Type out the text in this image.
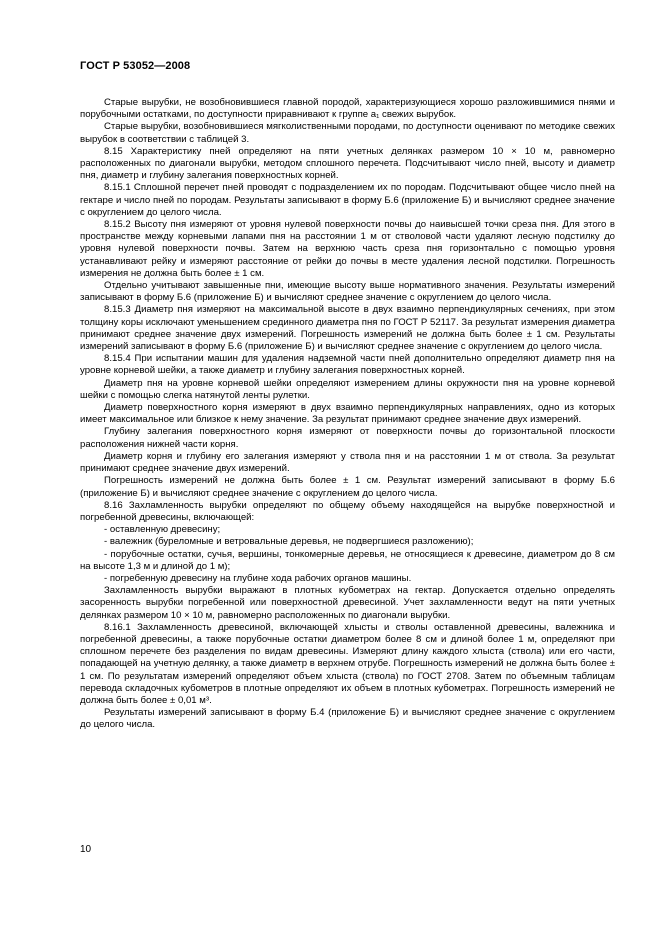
ГОСТ Р 53052—2008

Старые вырубки, не возобновившиеся главной породой, характеризующиеся хорошо разложившимися пнями и порубочными остатками, по доступности приравнивают к группе а₁ свежих вырубок.

Старые вырубки, возобновившиеся мягколиственными породами, по доступности оценивают по методике свежих вырубок в соответствии с таблицей 3.

8.15 Характеристику пней определяют на пяти учетных делянках размером 10 × 10 м, равномерно расположенных по диагонали вырубки, методом сплошного перечета. Подсчитывают число пней, высоту и диаметр пня, диаметр и глубину залегания поверхностных корней.

8.15.1 Сплошной перечет пней проводят с подразделением их по породам. Подсчитывают общее число пней на гектаре и число пней по породам. Результаты записывают в форму Б.6 (приложение Б) и вычисляют среднее значение с округлением до целого числа.

8.15.2 Высоту пня измеряют от уровня нулевой поверхности почвы до наивысшей точки среза пня. Для этого в пространстве между корневыми лапами пня на расстоянии 1 м от стволовой части удаляют лесную подстилку до уровня нулевой поверхности почвы. Затем на верхнюю часть среза пня горизонтально с помощью уровня устанавливают рейку и измеряют расстояние от рейки до почвы в месте удаления лесной подстилки. Погрешность измерения не должна быть более ± 1 см.

Отдельно учитывают завышенные пни, имеющие высоту выше нормативного значения. Результаты измерений записывают в форму Б.6 (приложение Б) и вычисляют среднее значение с округлением до целого числа.

8.15.3 Диаметр пня измеряют на максимальной высоте в двух взаимно перпендикулярных сечениях, при этом толщину коры исключают уменьшением срединного диаметра пня по ГОСТ Р 52117. За результат измерения диаметра принимают среднее значение двух измерений. Погрешность измерений не должна быть более ± 1 см. Результаты измерений записывают в форму Б.6 (приложение Б) и вычисляют среднее значение с округлением до целого числа.

8.15.4 При испытании машин для удаления надземной части пней дополнительно определяют диаметр пня на уровне корневой шейки, а также диаметр и глубину залегания поверхностных корней.

Диаметр пня на уровне корневой шейки определяют измерением длины окружности пня на уровне корневой шейки с помощью слегка натянутой ленты рулетки.

Диаметр поверхностного корня измеряют в двух взаимно перпендикулярных направлениях, одно из которых имеет максимальное или близкое к нему значение. За результат принимают среднее значение двух измерений.

Глубину залегания поверхностного корня измеряют от поверхности почвы до горизонтальной плоскости расположения нижней части корня.

Диаметр корня и глубину его залегания измеряют у ствола пня и на расстоянии 1 м от ствола. За результат принимают среднее значение двух измерений.

Погрешность измерений не должна быть более ± 1 см. Результат измерений записывают в форму Б.6 (приложение Б) и вычисляют среднее значение с округлением до целого числа.

8.16 Захламленность вырубки определяют по общему объему находящейся на вырубке поверхностной и погребенной древесины, включающей:

- оставленную древесину;

- валежник (буреломные и ветровальные деревья, не подвергшиеся разложению);

- порубочные остатки, сучья, вершины, тонкомерные деревья, не относящиеся к древесине, диаметром до 8 см на высоте 1,3 м и длиной до 1 м);

- погребенную древесину на глубине хода рабочих органов машины.

Захламленность вырубки выражают в плотных кубометрах на гектар. Допускается отдельно определять засоренность вырубки погребенной или поверхностной древесиной. Учет захламленности ведут на пяти учетных делянках размером 10 × 10 м, равномерно расположенных по диагонали вырубки.

8.16.1 Захламленность древесиной, включающей хлысты и стволы оставленной древесины, валежника и погребенной древесины, а также порубочные остатки диаметром более 8 см и длиной более 1 м, определяют при сплошном перечете без разделения по видам древесины. Измеряют длину каждого хлыста (ствола) или его части, попадающей на учетную делянку, а также диаметр в верхнем отрубе. Погрешность измерений не должна быть более ± 1 см. По результатам измерений определяют объем хлыста (ствола) по ГОСТ 2708. Затем по объемным таблицам перевода складочных кубометров в плотные определяют их объем в плотных кубометрах. Погрешность измерений не должна быть более ± 0,01 м³.

Результаты измерений записывают в форму Б.4 (приложение Б) и вычисляют среднее значение с округлением до целого числа.

10
